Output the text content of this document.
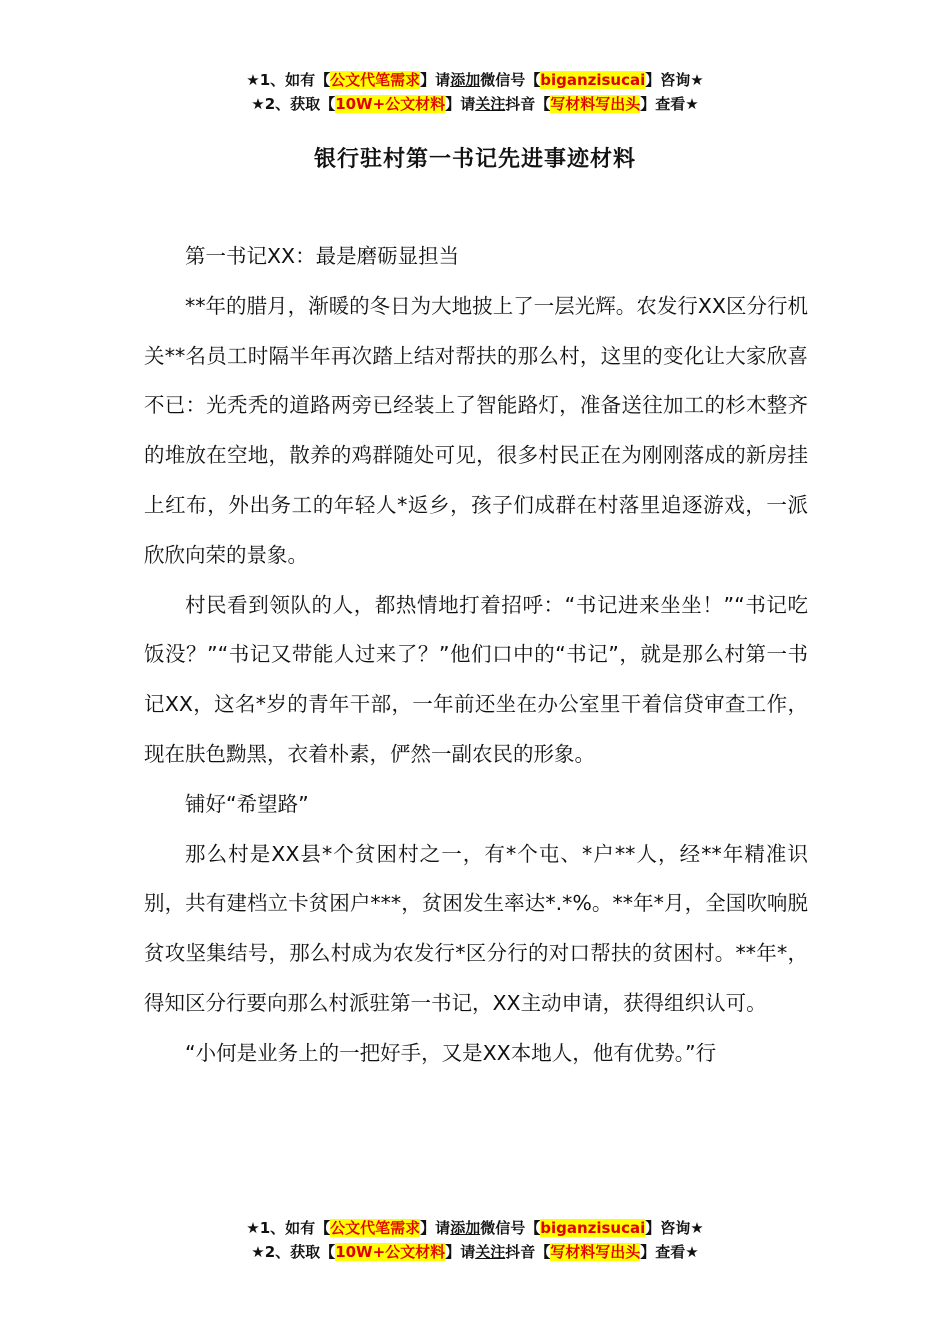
★1、如有【公文代笔需求】请添加微信号【biganzisucai】咨询★
★2、获取【10W+公文材料】请关注抖音【写材料写出头】查看★
银行驻村第一书记先进事迹材料

第一书记XX：最是磨砺显担当

**年的腊月，渐暖的冬日为大地披上了一层光辉。农发行XX区分行机关**名员工时隔半年再次踏上结对帮扶的那么村，这里的变化让大家欣喜不已：光秃秃的道路两旁已经装上了智能路灯，准备送往加工的杉木整齐的堆放在空地，散养的鸡群随处可见，很多村民正在为刚刚落成的新房挂上红布，外出务工的年轻人*返乡，孩子们成群在村落里追逐游戏，一派欣欣向荣的景象。

村民看到领队的人，都热情地打着招呼：“书记进来坐坐！”“书记吃饭没？”“书记又带能人过来了？”他们口中的“书记”，就是那么村第一书记XX，这名*岁的青年干部，一年前还坐在办公室里干着信贷审查工作，现在肤色黝黑，衣着朴素，俨然一副农民的形象。

铺好“希望路”

那么村是XX县*个贫困村之一，有*个屯、*户**人，经**年精准识别，共有建档立卡贫困户***，贫困发生率达*.*%。**年*月，全国吹响脱贫攻坚集结号，那么村成为农发行*区分行的对口帮扶的贫困村。**年*，得知区分行要向那么村派驻第一书记，XX主动申请，获得组织认可。

“小何是业务上的一把好手，又是XX本地人，他有优势。”行

★1、如有【公文代笔需求】请添加微信号【biganzisucai】咨询★
★2、获取【10W+公文材料】请关注抖音【写材料写出头】查看★
